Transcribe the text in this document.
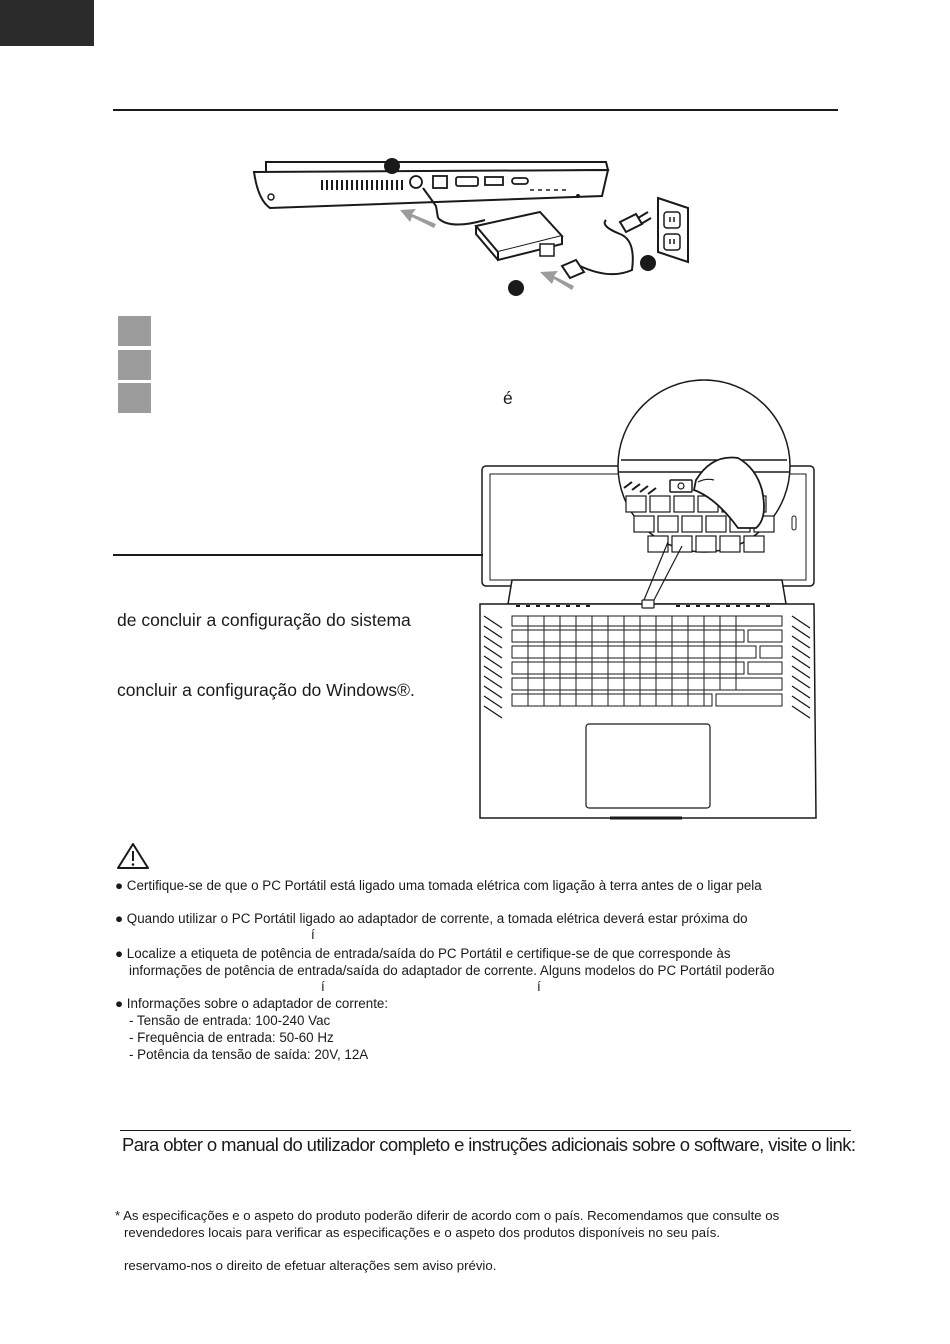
é
de concluir a configuração do sistema
concluir a configuração do Windows®.
● Certifique-se de que o PC Portátil está ligado uma tomada elétrica com ligação à terra antes de o ligar pela
● Quando utilizar o PC Portátil ligado ao adaptador de corrente, a tomada elétrica deverá estar próxima do
í
● Localize a etiqueta de potência de entrada/saída do PC Portátil e certifique-se de que corresponde às
informações de potência de entrada/saída do adaptador de corrente. Alguns modelos do PC Portátil poderão
í	í
● Informações sobre o adaptador de corrente:
- Tensão de entrada: 100-240 Vac
- Frequência de entrada: 50-60 Hz
- Potência da tensão de saída: 20V, 12A
Para obter o manual do utilizador completo e instruções adicionais sobre o software, visite o link:
* As especificações e o aspeto do produto poderão diferir de acordo com o país. Recomendamos que consulte os
revendedores locais para verificar as especificações e o aspeto dos produtos disponíveis no seu país.
reservamo-nos o direito de efetuar alterações sem aviso prévio.
